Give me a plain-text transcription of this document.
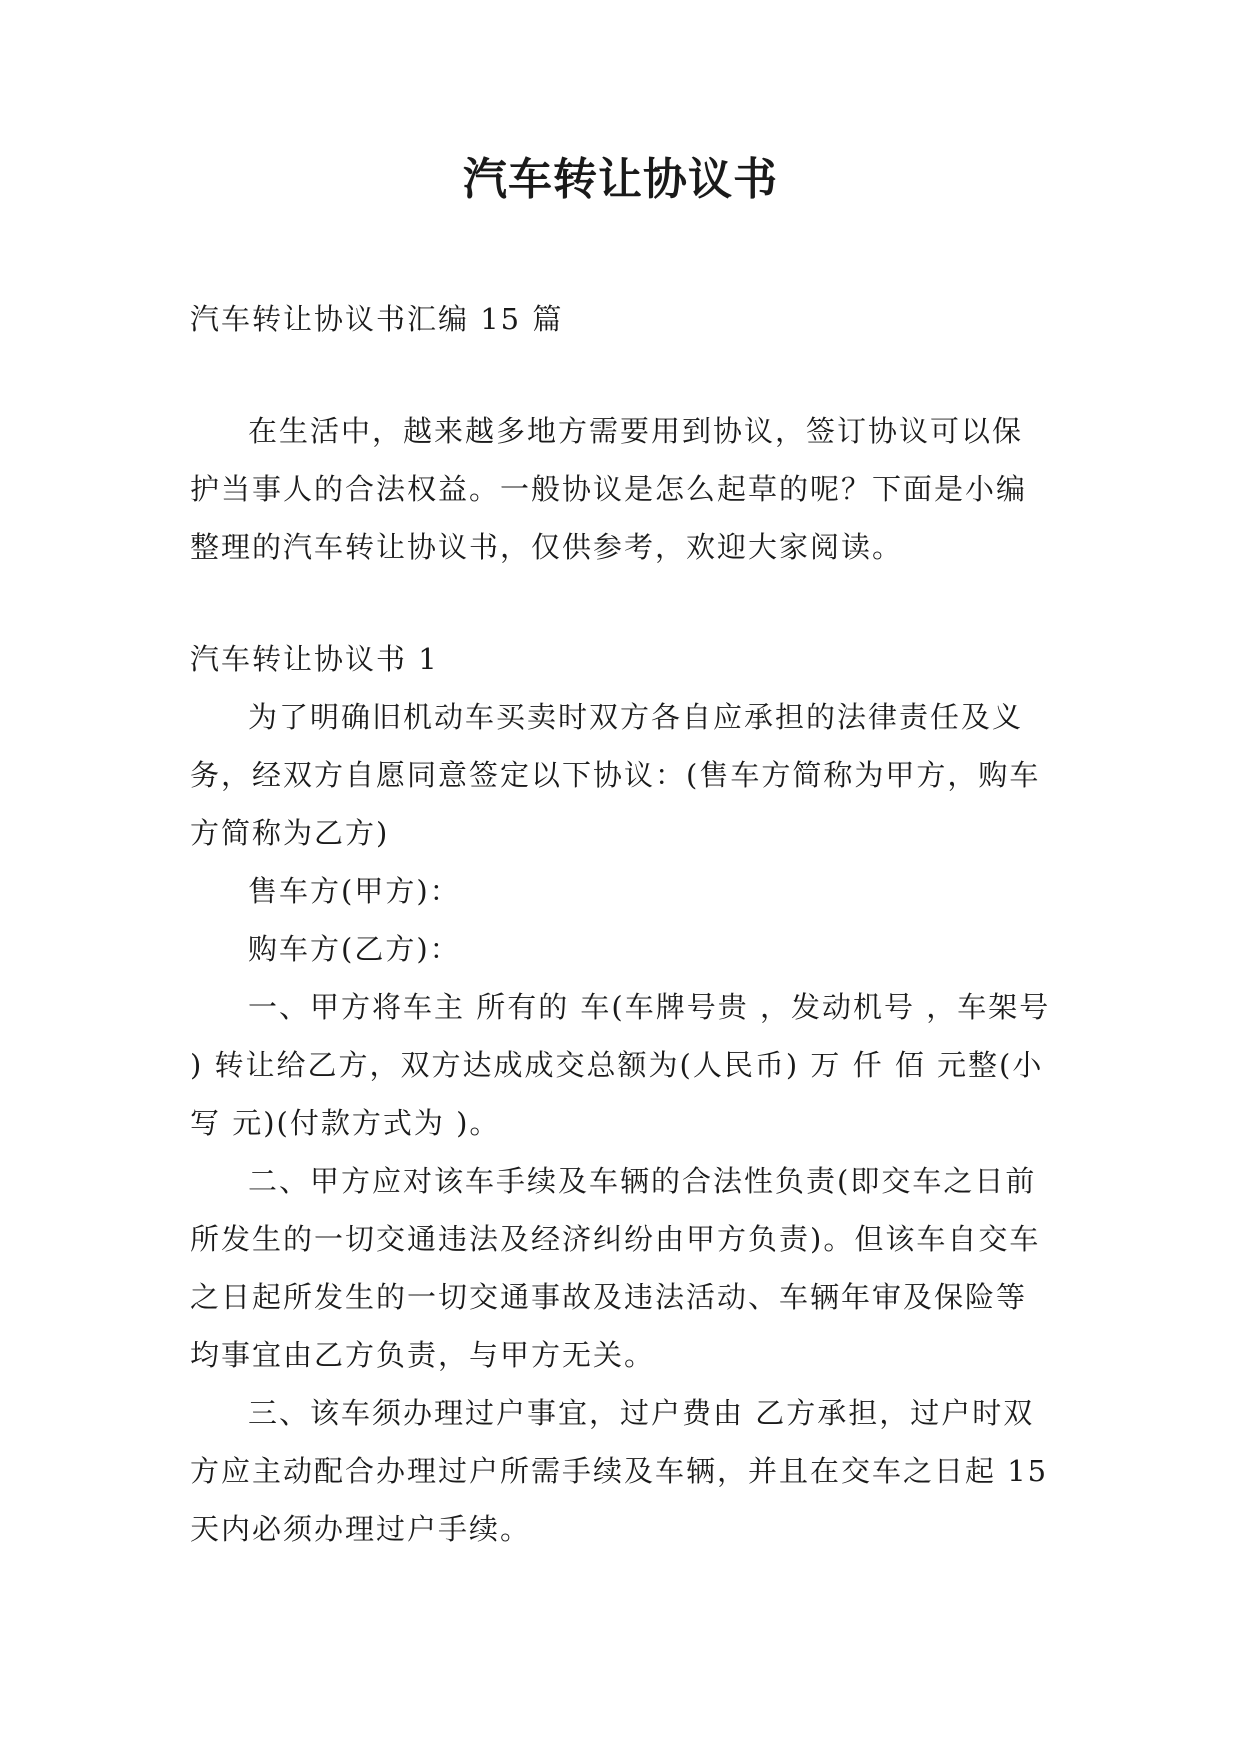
汽车转让协议书

汽车转让协议书汇编 15 篇

在生活中，越来越多地方需要用到协议，签订协议可以保护当事人的合法权益。一般协议是怎么起草的呢？下面是小编整理的汽车转让协议书，仅供参考，欢迎大家阅读。

汽车转让协议书 1

为了明确旧机动车买卖时双方各自应承担的法律责任及义务，经双方自愿同意签定以下协议：(售车方简称为甲方，购车方简称为乙方)

售车方(甲方)：

购车方(乙方)：

一、甲方将车主 所有的 车(车牌号贵 ，发动机号 ，车架号 ) 转让给乙方，双方达成成交总额为(人民币) 万 仟 佰 元整(小写 元)(付款方式为 )。

二、甲方应对该车手续及车辆的合法性负责(即交车之日前所发生的一切交通违法及经济纠纷由甲方负责)。但该车自交车之日起所发生的一切交通事故及违法活动、车辆年审及保险等均事宜由乙方负责，与甲方无关。

三、该车须办理过户事宜，过户费由 乙方承担，过户时双方应主动配合办理过户所需手续及车辆，并且在交车之日起 15 天内必须办理过户手续。
